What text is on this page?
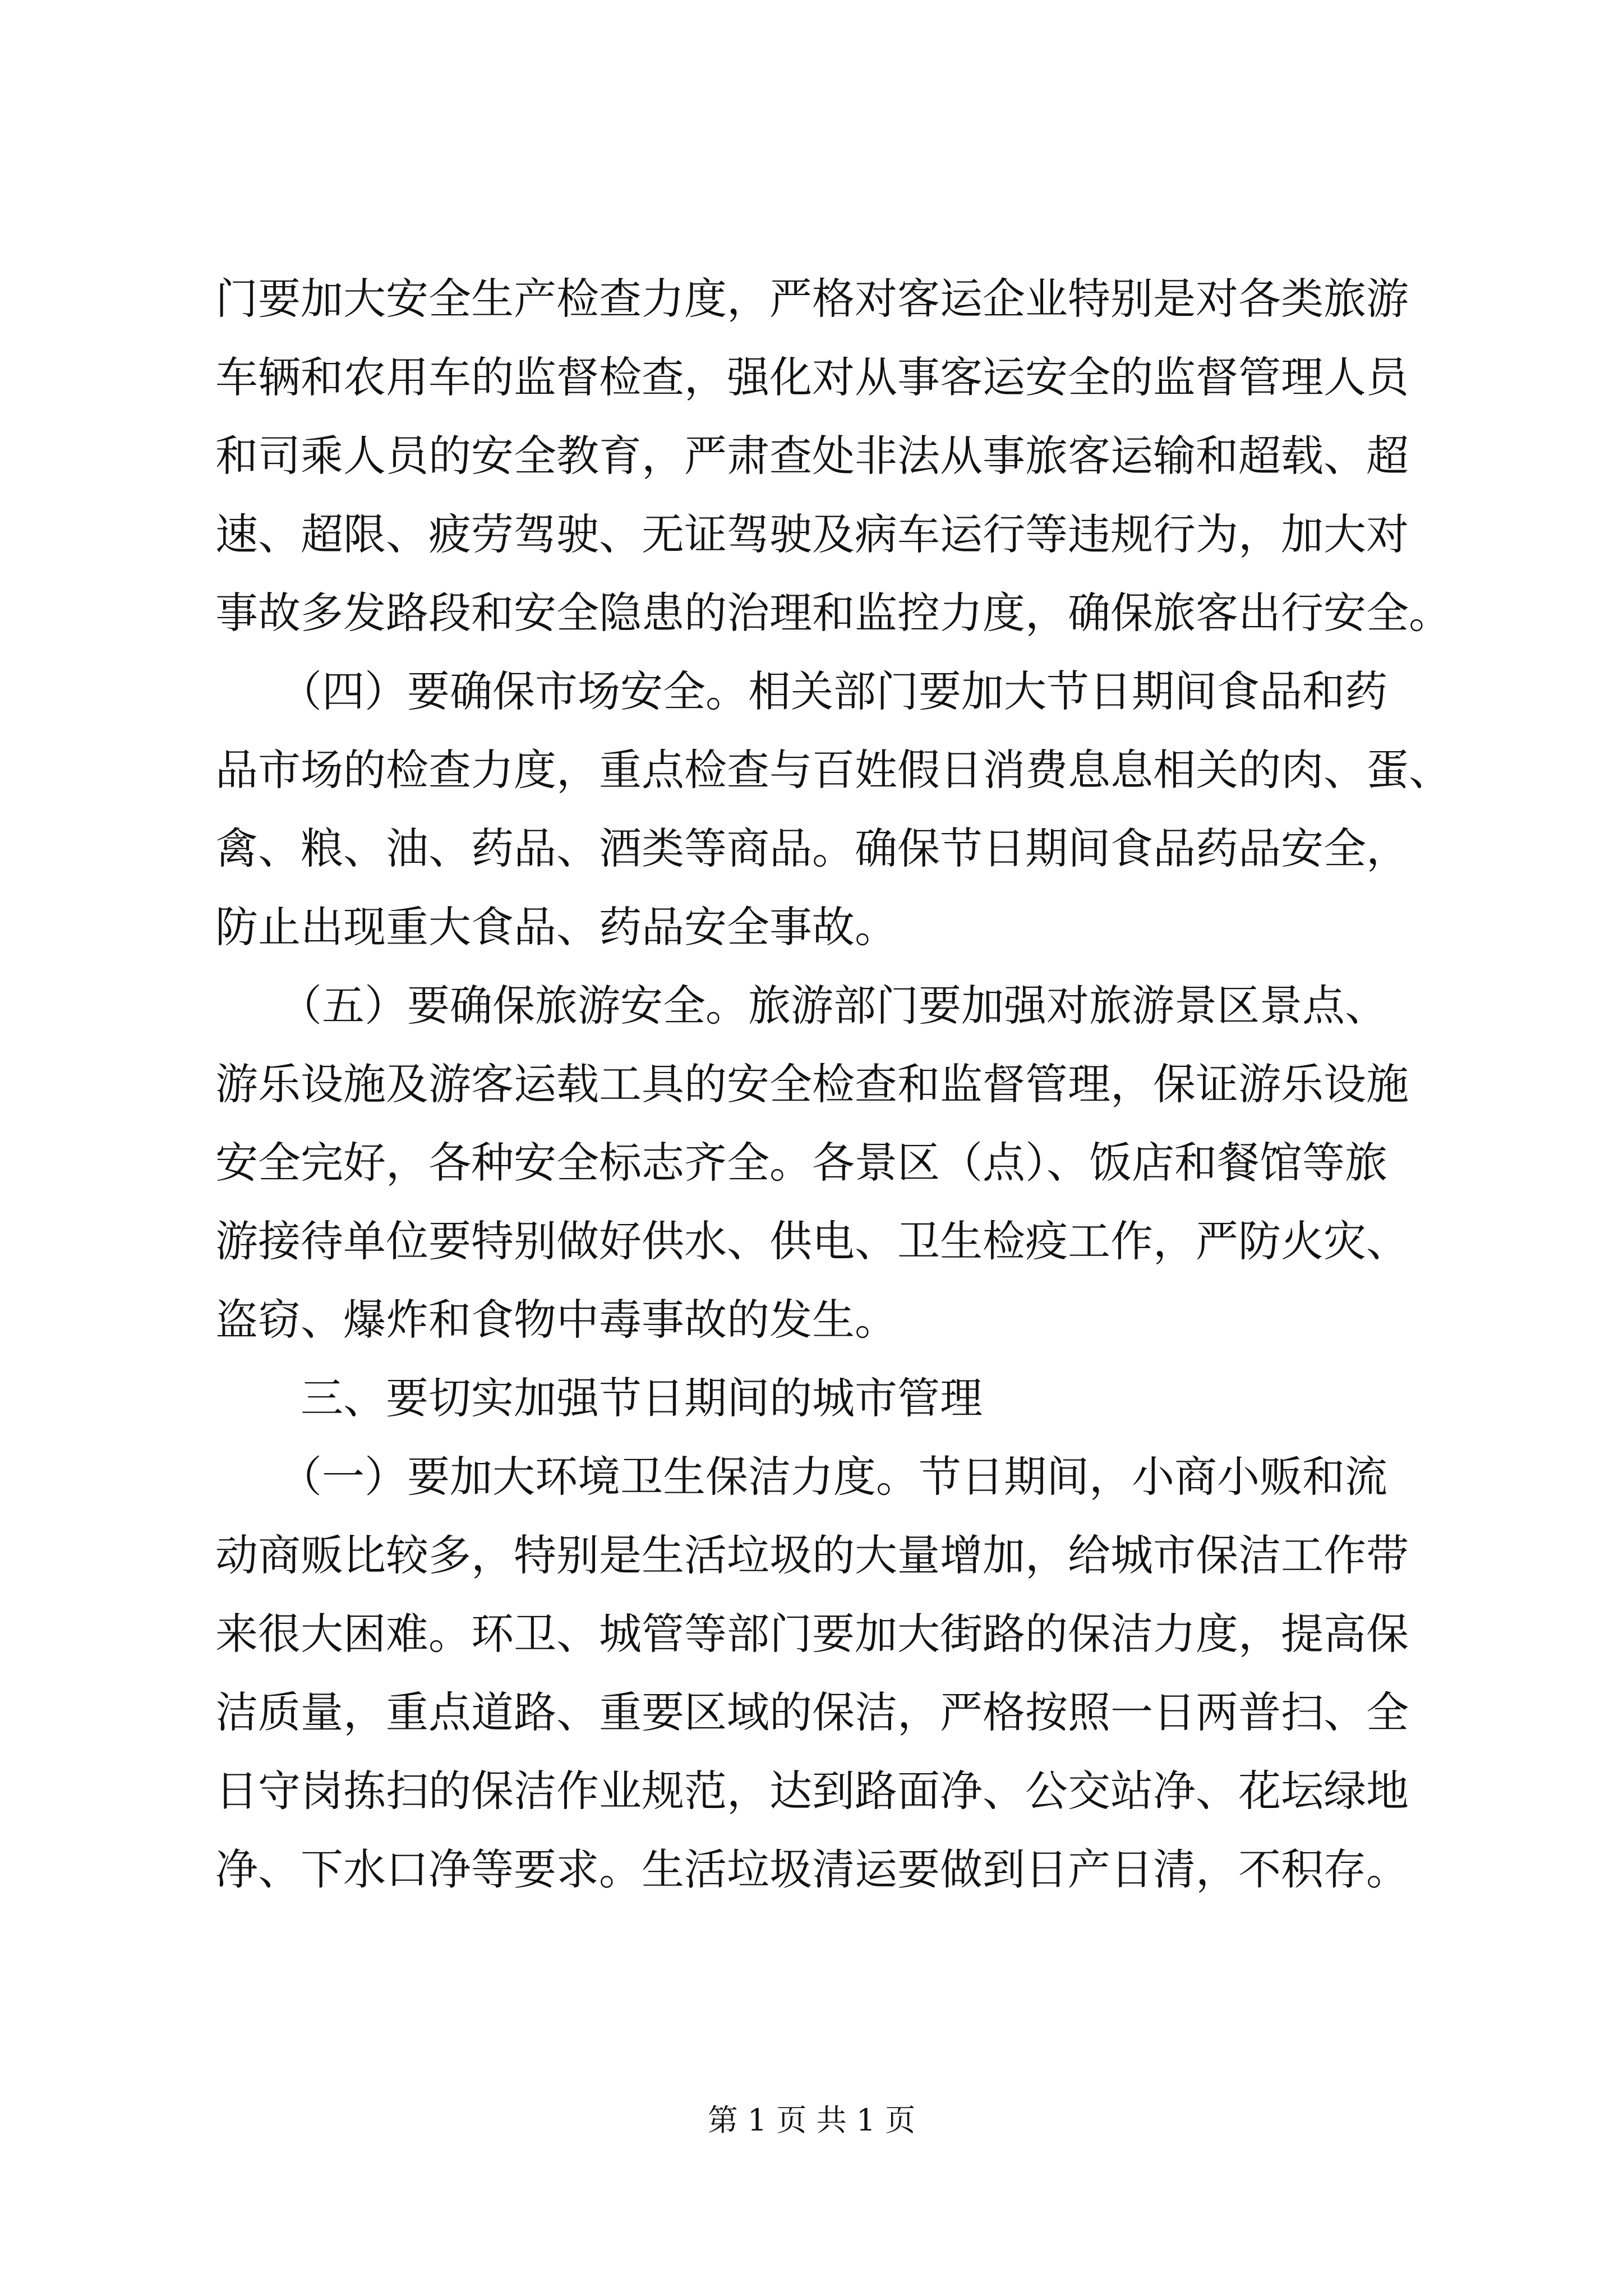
门要加大安全生产检查力度，严格对客运企业特别是对各类旅游
车辆和农用车的监督检查，强化对从事客运安全的监督管理人员
和司乘人员的安全教育，严肃查处非法从事旅客运输和超载、超
速、超限、疲劳驾驶、无证驾驶及病车运行等违规行为，加大对
事故多发路段和安全隐患的治理和监控力度，确保旅客出行安全。
　　（四）要确保市场安全。相关部门要加大节日期间食品和药
品市场的检查力度，重点检查与百姓假日消费息息相关的肉、蛋、
禽、粮、油、药品、酒类等商品。确保节日期间食品药品安全，
防止出现重大食品、药品安全事故。
　　（五）要确保旅游安全。旅游部门要加强对旅游景区景点、
游乐设施及游客运载工具的安全检查和监督管理，保证游乐设施
安全完好，各种安全标志齐全。各景区（点）、饭店和餐馆等旅
游接待单位要特别做好供水、供电、卫生检疫工作，严防火灾、
盗窃、爆炸和食物中毒事故的发生。
　　三、要切实加强节日期间的城市管理
　　（一）要加大环境卫生保洁力度。节日期间，小商小贩和流
动商贩比较多，特别是生活垃圾的大量增加，给城市保洁工作带
来很大困难。环卫、城管等部门要加大街路的保洁力度，提高保
洁质量，重点道路、重要区域的保洁，严格按照一日两普扫、全
日守岗拣扫的保洁作业规范，达到路面净、公交站净、花坛绿地
净、下水口净等要求。生活垃圾清运要做到日产日清，不积存。
第 1 页 共 1 页
